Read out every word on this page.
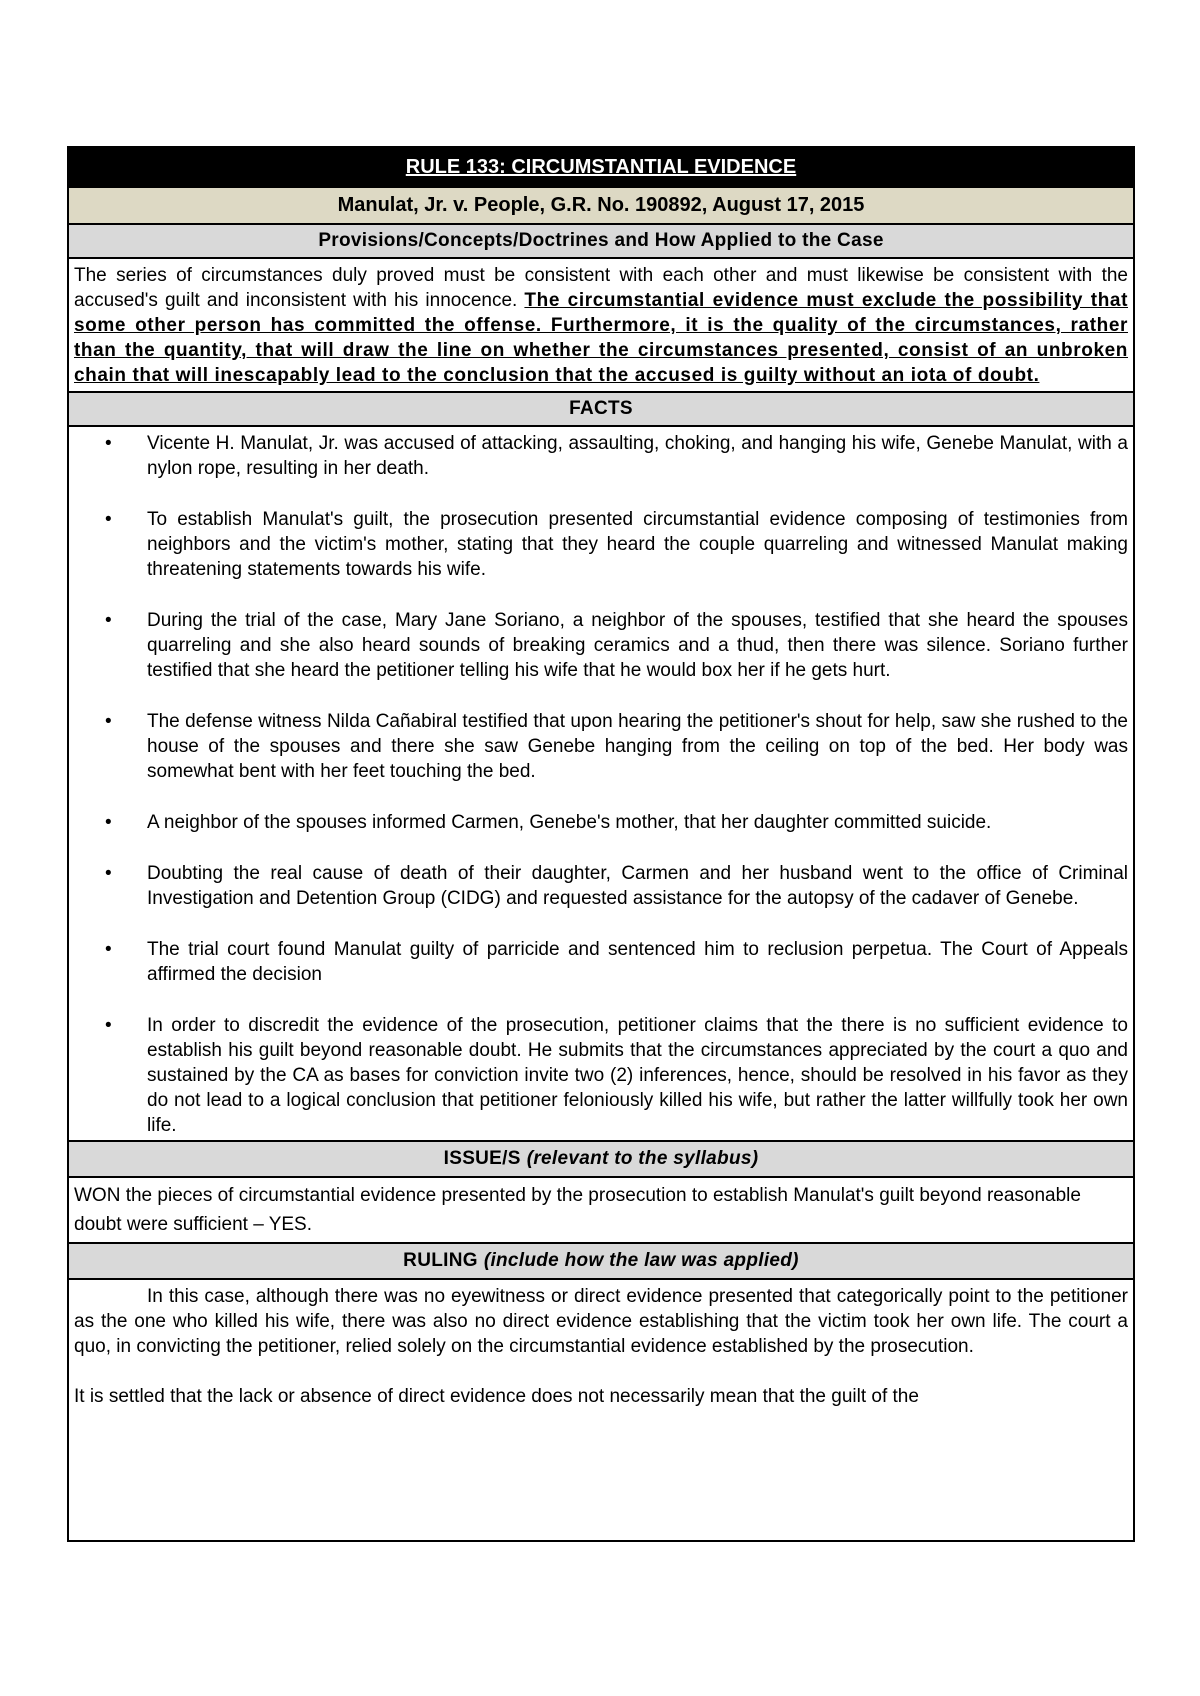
RULE 133: CIRCUMSTANTIAL EVIDENCE
Manulat, Jr. v. People, G.R. No. 190892, August 17, 2015
Provisions/Concepts/Doctrines and How Applied to the Case
The series of circumstances duly proved must be consistent with each other and must likewise be consistent with the accused's guilt and inconsistent with his innocence. The circumstantial evidence must exclude the possibility that some other person has committed the offense. Furthermore, it is the quality of the circumstances, rather than the quantity, that will draw the line on whether the circumstances presented, consist of an unbroken chain that will inescapably lead to the conclusion that the accused is guilty without an iota of doubt.
FACTS
• Vicente H. Manulat, Jr. was accused of attacking, assaulting, choking, and hanging his wife, Genebe Manulat, with a nylon rope, resulting in her death.
• To establish Manulat's guilt, the prosecution presented circumstantial evidence composing of testimonies from neighbors and the victim's mother, stating that they heard the couple quarreling and witnessed Manulat making threatening statements towards his wife.
• During the trial of the case, Mary Jane Soriano, a neighbor of the spouses, testified that she heard the spouses quarreling and she also heard sounds of breaking ceramics and a thud, then there was silence. Soriano further testified that she heard the petitioner telling his wife that he would box her if he gets hurt.
• The defense witness Nilda Cañabiral testified that upon hearing the petitioner's shout for help, saw she rushed to the house of the spouses and there she saw Genebe hanging from the ceiling on top of the bed. Her body was somewhat bent with her feet touching the bed.
• A neighbor of the spouses informed Carmen, Genebe's mother, that her daughter committed suicide.
• Doubting the real cause of death of their daughter, Carmen and her husband went to the office of Criminal Investigation and Detention Group (CIDG) and requested assistance for the autopsy of the cadaver of Genebe.
• The trial court found Manulat guilty of parricide and sentenced him to reclusion perpetua. The Court of Appeals affirmed the decision
• In order to discredit the evidence of the prosecution, petitioner claims that the there is no sufficient evidence to establish his guilt beyond reasonable doubt. He submits that the circumstances appreciated by the court a quo and sustained by the CA as bases for conviction invite two (2) inferences, hence, should be resolved in his favor as they do not lead to a logical conclusion that petitioner feloniously killed his wife, but rather the latter willfully took her own life.
ISSUE/S (relevant to the syllabus)
WON the pieces of circumstantial evidence presented by the prosecution to establish Manulat's guilt beyond reasonable doubt were sufficient – YES.
RULING (include how the law was applied)

In this case, although there was no eyewitness or direct evidence presented that categorically point to the petitioner as the one who killed his wife, there was also no direct evidence establishing that the victim took her own life. The court a quo, in convicting the petitioner, relied solely on the circumstantial evidence established by the prosecution.

It is settled that the lack or absence of direct evidence does not necessarily mean that the guilt of the
